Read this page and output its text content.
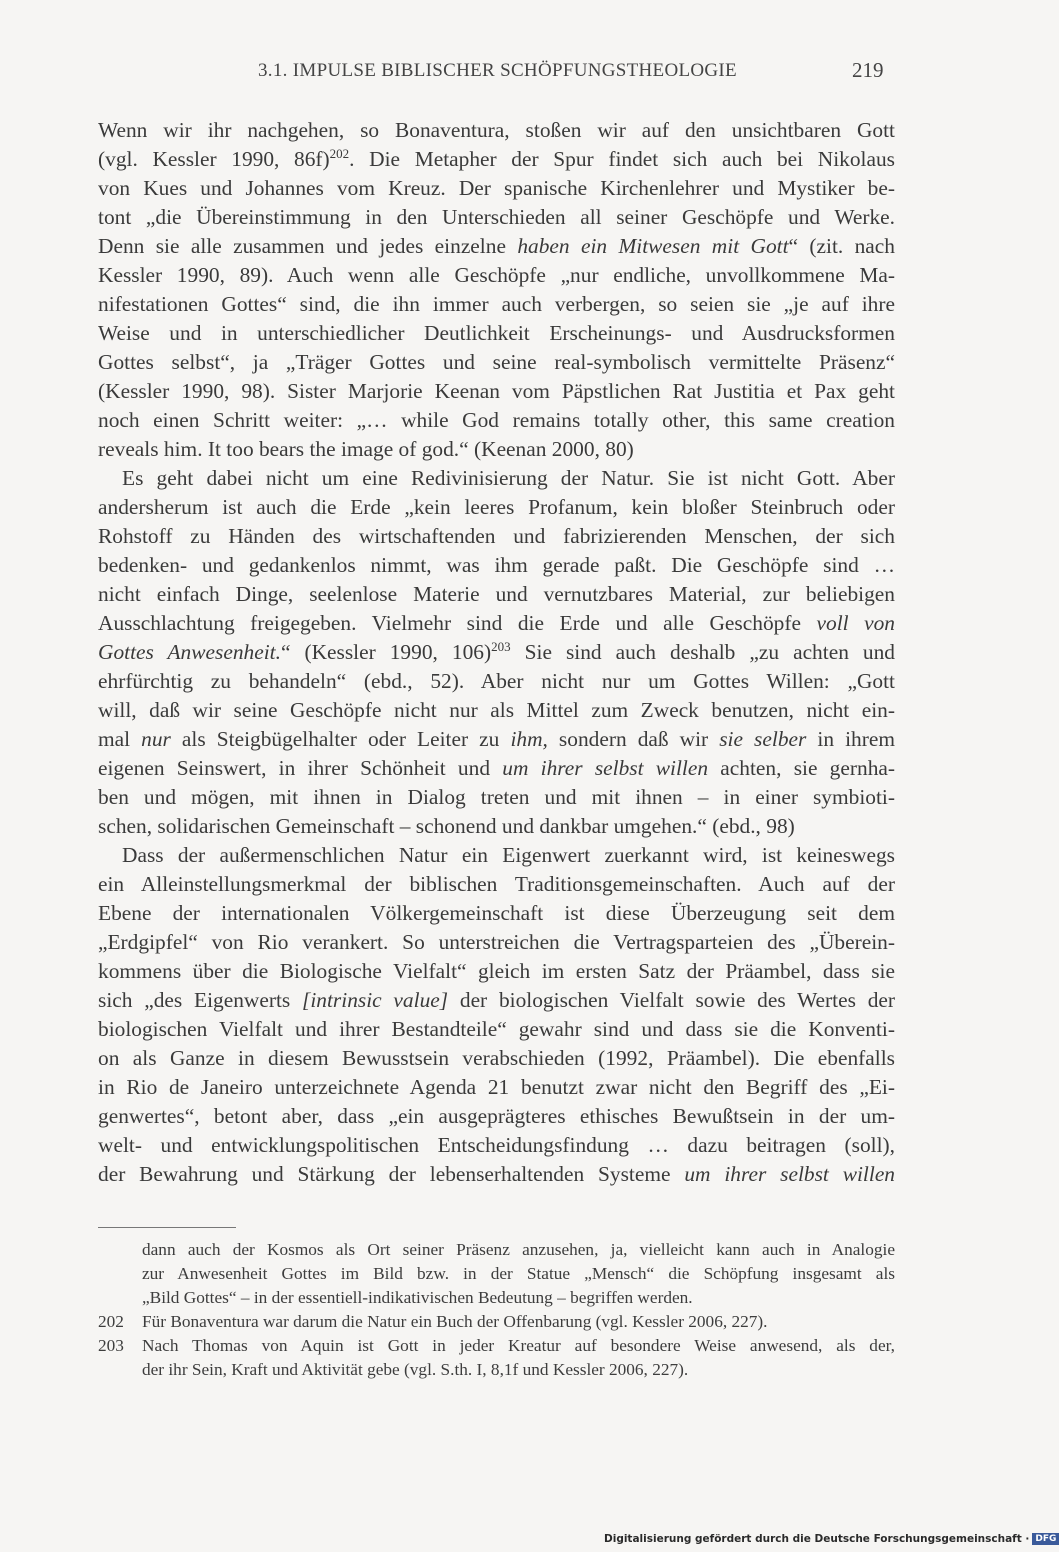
3.1. IMPULSE BIBLISCHER SCHÖPFUNGSTHEOLOGIE	219
Wenn wir ihr nachgehen, so Bonaventura, stoßen wir auf den unsichtbaren Gott
(vgl. Kessler 1990, 86f)$^{202}$. Die Metapher der Spur findet sich auch bei Nikolaus
von Kues und Johannes vom Kreuz. Der spanische Kirchenlehrer und Mystiker be-
tont „die Übereinstimmung in den Unterschieden all seiner Geschöpfe und Werke.
Denn sie alle zusammen und jedes einzelne haben ein Mitwesen mit Gott“ (zit. nach
Kessler 1990, 89). Auch wenn alle Geschöpfe „nur endliche, unvollkommene Ma-
nifestationen Gottes“ sind, die ihn immer auch verbergen, so seien sie „je auf ihre
Weise und in unterschiedlicher Deutlichkeit Erscheinungs- und Ausdrucksformen
Gottes selbst“, ja „Träger Gottes und seine real-symbolisch vermittelte Präsenz“
(Kessler 1990, 98). Sister Marjorie Keenan vom Päpstlichen Rat Justitia et Pax geht
noch einen Schritt weiter: „… while God remains totally other, this same creation
reveals him. It too bears the image of god.“ (Keenan 2000, 80)
Es geht dabei nicht um eine Redivinisierung der Natur. Sie ist nicht Gott. Aber
andersherum ist auch die Erde „kein leeres Profanum, kein bloßer Steinbruch oder
Rohstoff zu Händen des wirtschaftenden und fabrizierenden Menschen, der sich
bedenken- und gedankenlos nimmt, was ihm gerade paßt. Die Geschöpfe sind …
nicht einfach Dinge, seelenlose Materie und vernutzbares Material, zur beliebigen
Ausschlachtung freigegeben. Vielmehr sind die Erde und alle Geschöpfe voll von
Gottes Anwesenheit.“ (Kessler 1990, 106)$^{203}$ Sie sind auch deshalb „zu achten und
ehrfürchtig zu behandeln“ (ebd., 52). Aber nicht nur um Gottes Willen: „Gott
will, daß wir seine Geschöpfe nicht nur als Mittel zum Zweck benutzen, nicht ein-
mal nur als Steigbügelhalter oder Leiter zu ihm, sondern daß wir sie selber in ihrem
eigenen Seinswert, in ihrer Schönheit und um ihrer selbst willen achten, sie gernha-
ben und mögen, mit ihnen in Dialog treten und mit ihnen – in einer symbioti-
schen, solidarischen Gemeinschaft – schonend und dankbar umgehen.“ (ebd., 98)
Dass der außermenschlichen Natur ein Eigenwert zuerkannt wird, ist keineswegs
ein Alleinstellungsmerkmal der biblischen Traditionsgemeinschaften. Auch auf der
Ebene der internationalen Völkergemeinschaft ist diese Überzeugung seit dem
„Erdgipfel“ von Rio verankert. So unterstreichen die Vertragsparteien des „Überein-
kommens über die Biologische Vielfalt“ gleich im ersten Satz der Präambel, dass sie
sich „des Eigenwerts [intrinsic value] der biologischen Vielfalt sowie des Wertes der
biologischen Vielfalt und ihrer Bestandteile“ gewahr sind und dass sie die Konventi-
on als Ganze in diesem Bewusstsein verabschieden (1992, Präambel). Die ebenfalls
in Rio de Janeiro unterzeichnete Agenda 21 benutzt zwar nicht den Begriff des „Ei-
genwertes“, betont aber, dass „ein ausgeprägteres ethisches Bewußtsein in der um-
welt- und entwicklungspolitischen Entscheidungsfindung … dazu beitragen (soll),
der Bewahrung und Stärkung der lebenserhaltenden Systeme um ihrer selbst willen
dann auch der Kosmos als Ort seiner Präsenz anzusehen, ja, vielleicht kann auch in Analogie
zur Anwesenheit Gottes im Bild bzw. in der Statue „Mensch“ die Schöpfung insgesamt als
„Bild Gottes“ – in der essentiell-indikativischen Bedeutung – begriffen werden.
202 Für Bonaventura war darum die Natur ein Buch der Offenbarung (vgl. Kessler 2006, 227).
203 Nach Thomas von Aquin ist Gott in jeder Kreatur auf besondere Weise anwesend, als der,
der ihr Sein, Kraft und Aktivität gebe (vgl. S.th. I, 8,1f und Kessler 2006, 227).
Digitalisierung gefördert durch die Deutsche Forschungsgemeinschaft · DFG
